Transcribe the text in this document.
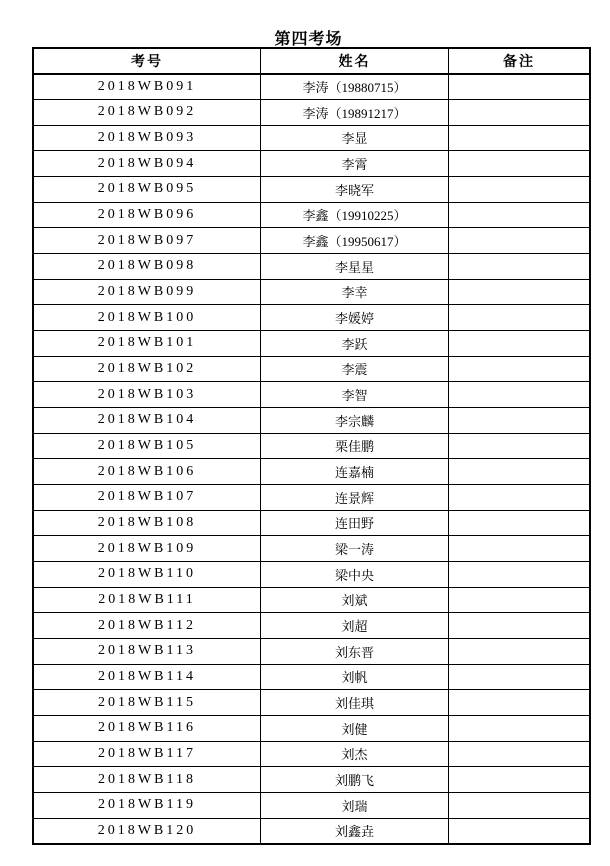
第四考场
考号	姓名	备注
2018WB091	李涛（19880715）	
2018WB092	李涛（19891217）	
2018WB093	李显	
2018WB094	李霄	
2018WB095	李晓军	
2018WB096	李鑫（19910225）	
2018WB097	李鑫（19950617）	
2018WB098	李星星	
2018WB099	李幸	
2018WB100	李媛婷	
2018WB101	李跃	
2018WB102	李震	
2018WB103	李智	
2018WB104	李宗麟	
2018WB105	栗佳鹏	
2018WB106	连嘉楠	
2018WB107	连景辉	
2018WB108	连田野	
2018WB109	梁一涛	
2018WB110	梁中央	
2018WB111	刘斌	
2018WB112	刘超	
2018WB113	刘东晋	
2018WB114	刘帆	
2018WB115	刘佳琪	
2018WB116	刘健	
2018WB117	刘杰	
2018WB118	刘鹏飞	
2018WB119	刘瑞	
2018WB120	刘鑫垚	
